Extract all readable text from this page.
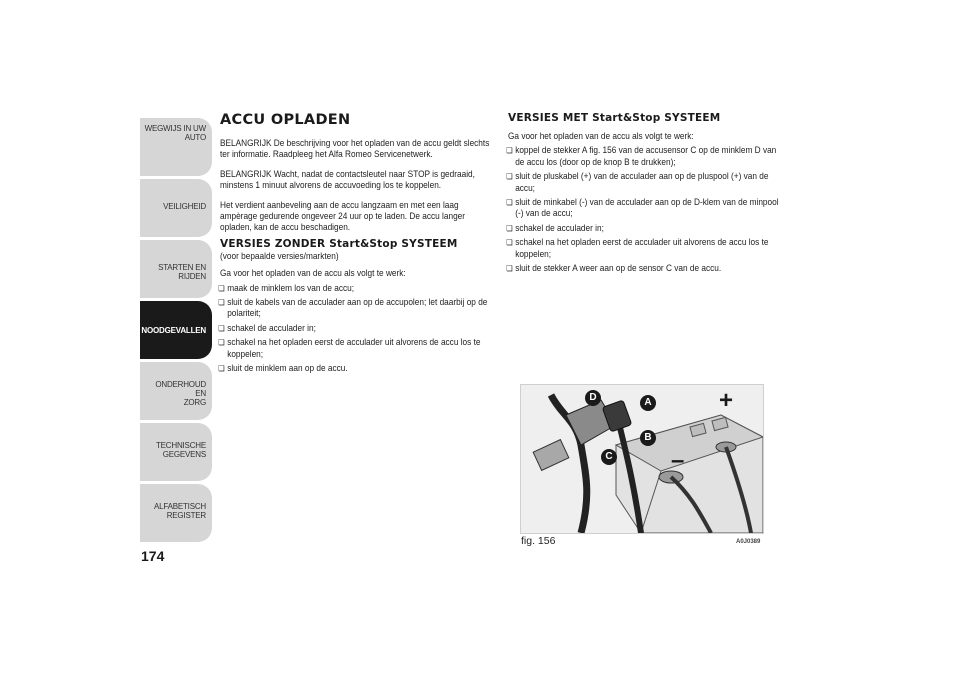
WEGWIJS IN UW
AUTO
VEILIGHEID
STARTEN EN RIJDEN
NOODGEVALLEN
ONDERHOUD EN
ZORG
TECHNISCHE
GEGEVENS
ALFABETISCH
REGISTER
174
ACCU OPLADEN

BELANGRIJK De beschrijving voor het opladen van de accu geldt slechts ter informatie. Raadpleeg het Alfa Romeo Servicenetwerk.

BELANGRIJK Wacht, nadat de contactsleutel naar STOP is gedraaid, minstens 1 minuut alvorens de accuvoeding los te koppelen.

Het verdient aanbeveling aan de accu langzaam en met een laag ampèrage gedurende ongeveer 24 uur op te laden. De accu langer opladen, kan de accu beschadigen.

VERSIES ZONDER Start&Stop SYSTEEM

(voor bepaalde versies/markten)

Ga voor het opladen van de accu als volgt te werk:

❏ maak de minklem los van de accu;
❏ sluit de kabels van de acculader aan op de accupolen; let daarbij op de polariteit;
❏ schakel de acculader in;
❏ schakel na het opladen eerst de acculader uit alvorens de accu los te koppelen;
❏ sluit de minklem aan op de accu.
VERSIES MET Start&Stop SYSTEEM

Ga voor het opladen van de accu als volgt te werk:

❏ koppel de stekker A fig. 156 van de accusensor C op de minklem D van de accu los (door op de knop B te drukken);
❏ sluit de pluskabel (+) van de acculader aan op de pluspool (+) van de accu;
❏ sluit de minkabel (-) van de acculader aan op de D-klem van de minpool (-) van de accu;
❏ schakel de acculader in;
❏ schakel na het opladen eerst de acculader uit alvorens de accu los te koppelen;
❏ sluit de stekker A weer aan op de sensor C van de accu.
D	A
B
C
+
–
fig. 156	A0J0389
